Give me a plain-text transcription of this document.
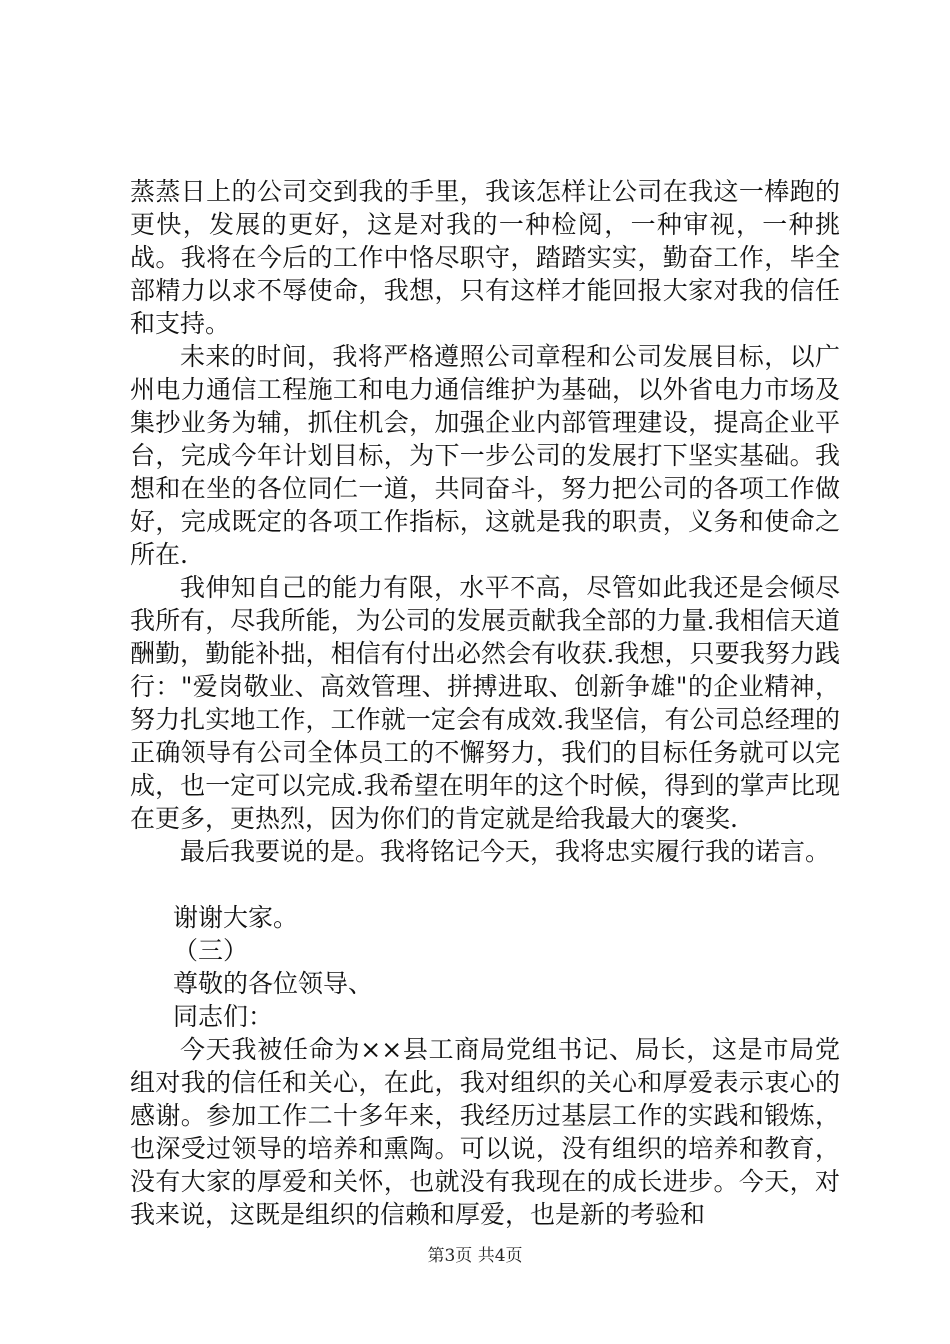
蒸蒸日上的公司交到我的手里，我该怎样让公司在我这一棒跑的更快，发展的更好，这是对我的一种检阅，一种审视，一种挑战。我将在今后的工作中恪尽职守，踏踏实实，勤奋工作，毕全部精力以求不辱使命，我想，只有这样才能回报大家对我的信任和支持。

未来的时间，我将严格遵照公司章程和公司发展目标，以广州电力通信工程施工和电力通信维护为基础，以外省电力市场及集抄业务为辅，抓住机会，加强企业内部管理建设，提高企业平台，完成今年计划目标，为下一步公司的发展打下坚实基础。我想和在坐的各位同仁一道，共同奋斗，努力把公司的各项工作做好，完成既定的各项工作指标，这就是我的职责，义务和使命之所在.

我伸知自己的能力有限，水平不高，尽管如此我还是会倾尽我所有，尽我所能，为公司的发展贡献我全部的力量.我相信天道酬勤，勤能补拙，相信有付出必然会有收获.我想，只要我努力践行："爱岗敬业、高效管理、拼搏进取、创新争雄"的企业精神，努力扎实地工作，工作就一定会有成效.我坚信，有公司总经理的正确领导有公司全体员工的不懈努力，我们的目标任务就可以完成，也一定可以完成.我希望在明年的这个时候，得到的掌声比现在更多，更热烈，因为你们的肯定就是给我最大的褒奖.

最后我要说的是。我将铭记今天，我将忠实履行我的诺言。

谢谢大家。

（三）

尊敬的各位领导、

同志们：

今天我被任命为××县工商局党组书记、局长，这是市局党组对我的信任和关心，在此，我对组织的关心和厚爱表示衷心的感谢。参加工作二十多年来，我经历过基层工作的实践和锻炼，也深受过领导的培养和熏陶。可以说，没有组织的培养和教育，没有大家的厚爱和关怀，也就没有我现在的成长进步。今天，对我来说，这既是组织的信赖和厚爱，也是新的考验和

第3页 共4页
